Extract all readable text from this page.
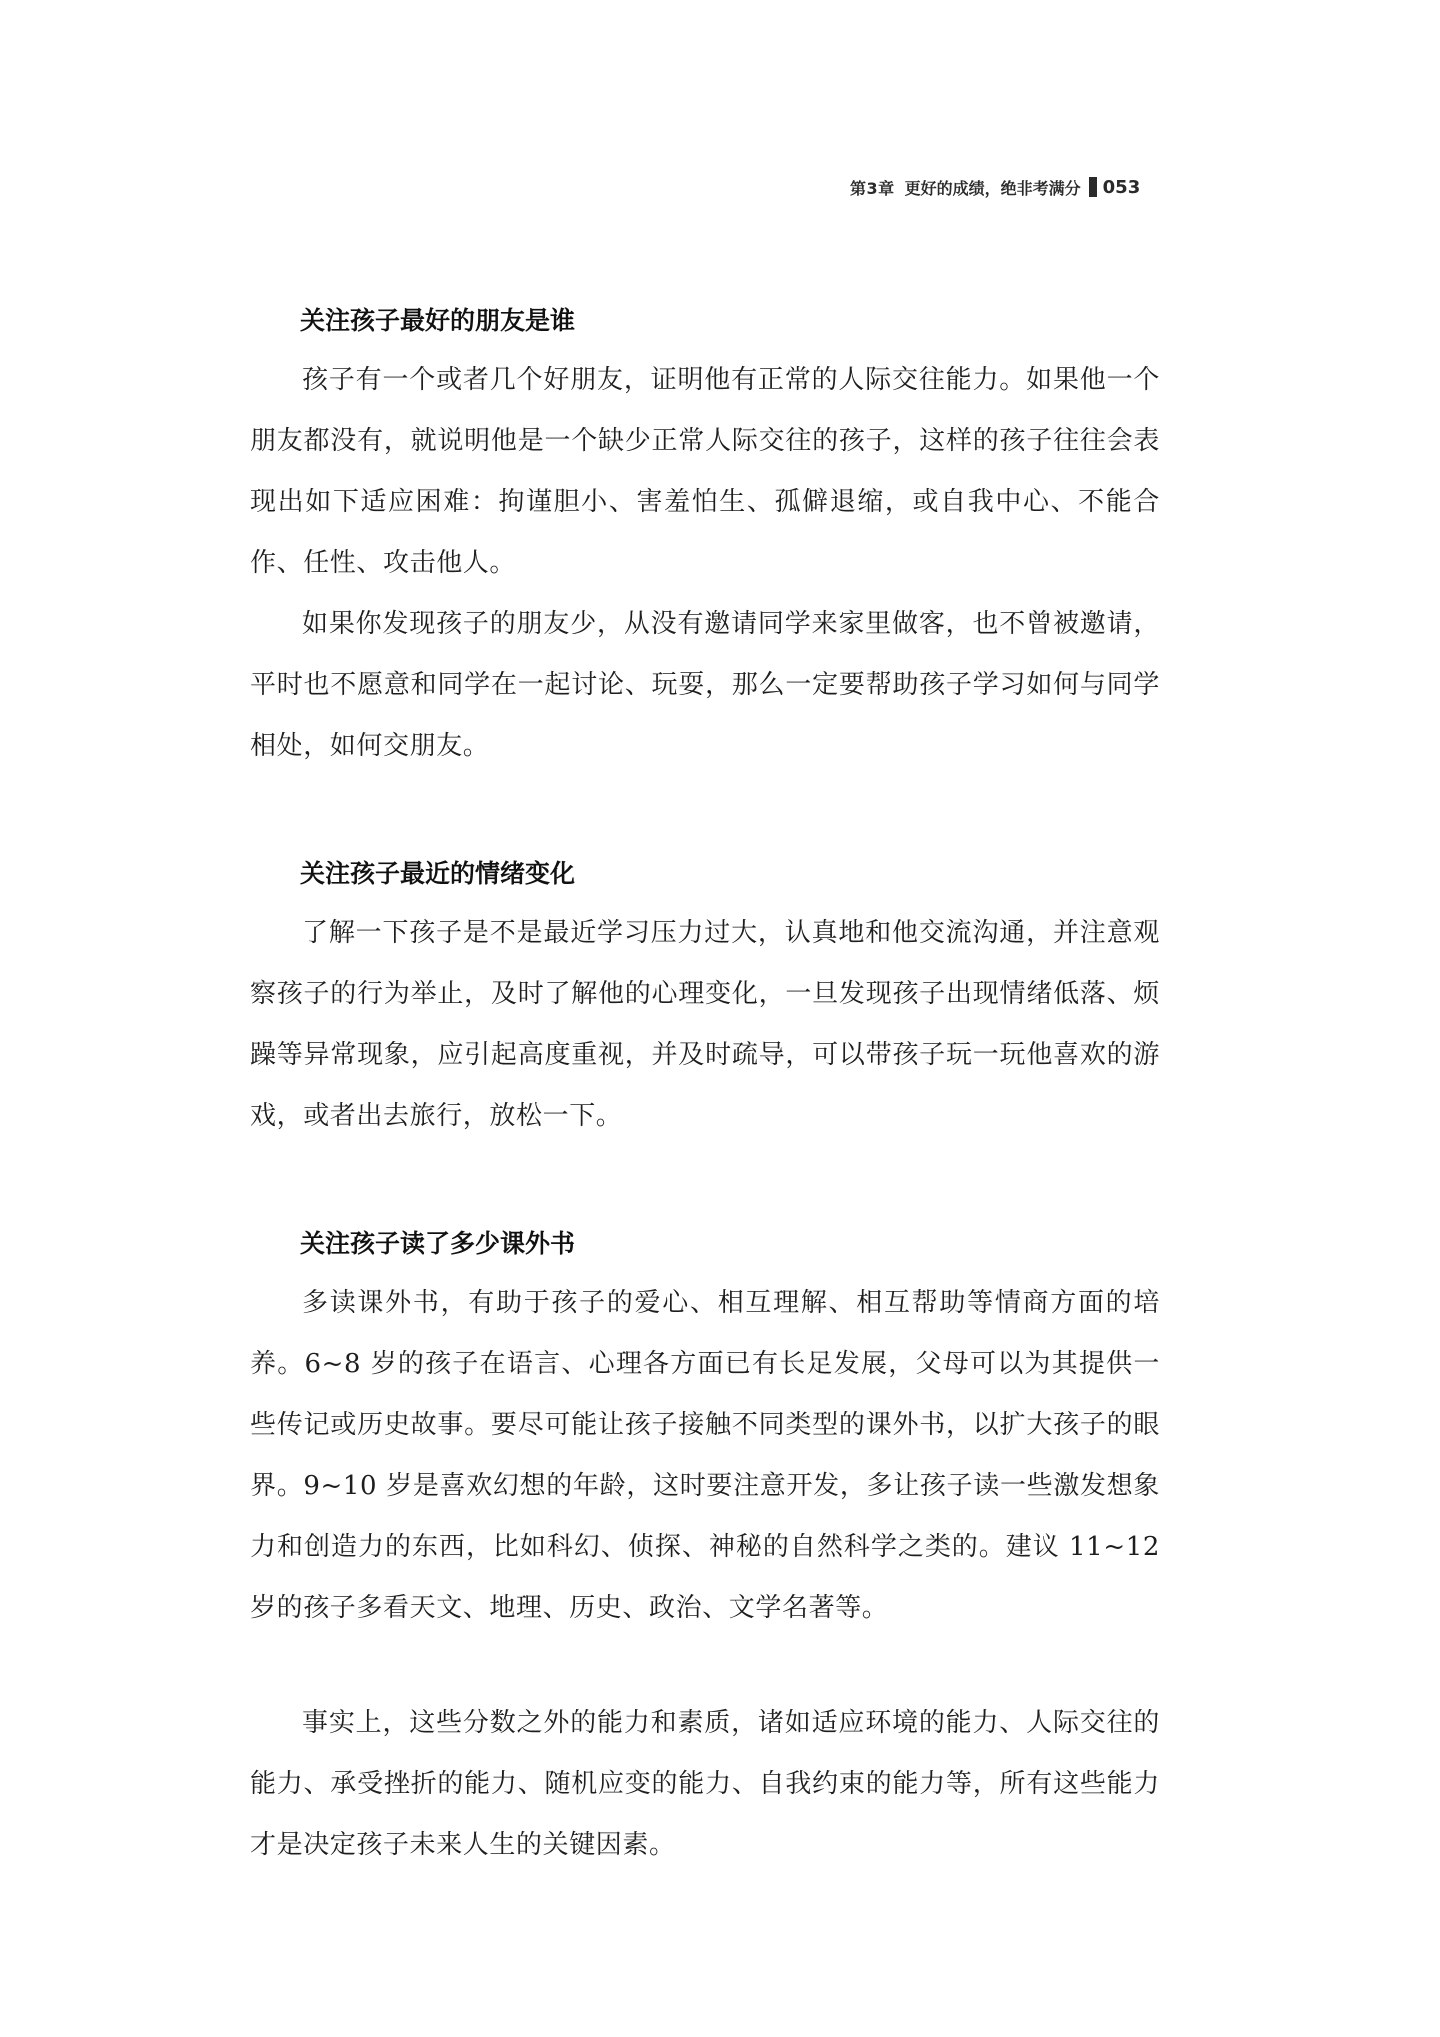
第3章 更好的成绩，绝非考满分 053
关注孩子最好的朋友是谁

孩子有一个或者几个好朋友，证明他有正常的人际交往能力。如果他一个朋友都没有，就说明他是一个缺少正常人际交往的孩子，这样的孩子往往会表现出如下适应困难：拘谨胆小、害羞怕生、孤僻退缩，或自我中心、不能合作、任性、攻击他人。

如果你发现孩子的朋友少，从没有邀请同学来家里做客，也不曾被邀请，平时也不愿意和同学在一起讨论、玩耍，那么一定要帮助孩子学习如何与同学相处，如何交朋友。

关注孩子最近的情绪变化

了解一下孩子是不是最近学习压力过大，认真地和他交流沟通，并注意观察孩子的行为举止，及时了解他的心理变化，一旦发现孩子出现情绪低落、烦躁等异常现象，应引起高度重视，并及时疏导，可以带孩子玩一玩他喜欢的游戏，或者出去旅行，放松一下。

关注孩子读了多少课外书

多读课外书，有助于孩子的爱心、相互理解、相互帮助等情商方面的培养。6~8 岁的孩子在语言、心理各方面已有长足发展，父母可以为其提供一些传记或历史故事。要尽可能让孩子接触不同类型的课外书，以扩大孩子的眼界。9~10 岁是喜欢幻想的年龄，这时要注意开发，多让孩子读一些激发想象力和创造力的东西，比如科幻、侦探、神秘的自然科学之类的。建议 11~12 岁的孩子多看天文、地理、历史、政治、文学名著等。

事实上，这些分数之外的能力和素质，诸如适应环境的能力、人际交往的能力、承受挫折的能力、随机应变的能力、自我约束的能力等，所有这些能力才是决定孩子未来人生的关键因素。
